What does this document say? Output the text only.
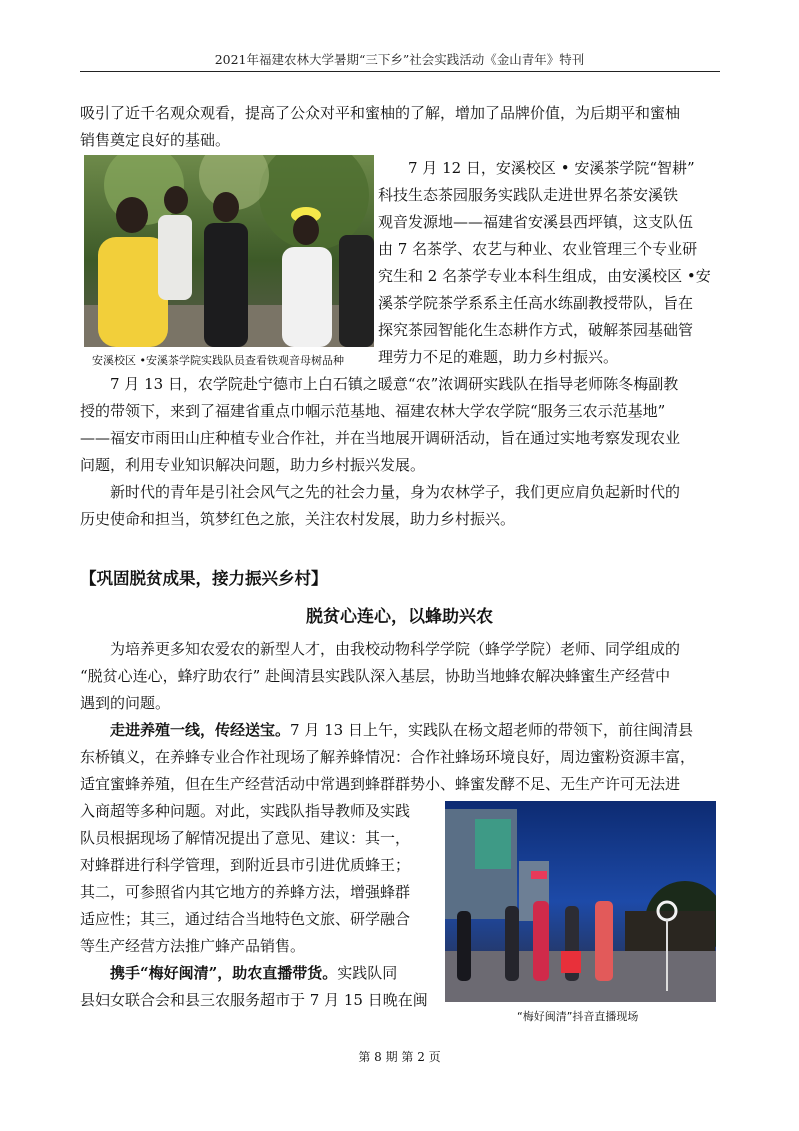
2021年福建农林大学暑期“三下乡”社会实践活动《金山青年》特刊
吸引了近千名观众观看，提高了公众对平和蜜柚的了解，增加了品牌价值，为后期平和蜜柚
销售奠定良好的基础。
7 月 12 日，安溪校区 • 安溪茶学院“智耕”
科技生态茶园服务实践队走进世界名茶安溪铁
观音发源地——福建省安溪县西坪镇，这支队伍
由 7 名茶学、农艺与种业、农业管理三个专业研
究生和 2 名茶学专业本科生组成，由安溪校区 •安
溪茶学院茶学系系主任高水练副教授带队，旨在
探究茶园智能化生态耕作方式，破解茶园基础管
理劳力不足的难题，助力乡村振兴。
安溪校区 •安溪茶学院实践队员查看铁观音母树品种
7 月 13 日，农学院赴宁德市上白石镇之暖意“农”浓调研实践队在指导老师陈冬梅副教
授的带领下，来到了福建省重点巾帼示范基地、福建农林大学农学院“服务三农示范基地”
——福安市雨田山庄种植专业合作社，并在当地展开调研活动，旨在通过实地考察发现农业
问题，利用专业知识解决问题，助力乡村振兴发展。
新时代的青年是引社会风气之先的社会力量，身为农林学子，我们更应肩负起新时代的
历史使命和担当，筑梦红色之旅，关注农村发展，助力乡村振兴。
【巩固脱贫成果，接力振兴乡村】
脱贫心连心，以蜂助兴农
为培养更多知农爱农的新型人才，由我校动物科学学院（蜂学学院）老师、同学组成的
“脱贫心连心，蜂疗助农行” 赴闽清县实践队深入基层，协助当地蜂农解决蜂蜜生产经营中
遇到的问题。
走进养殖一线，传经送宝。7 月 13 日上午，实践队在杨文超老师的带领下，前往闽清县
东桥镇义，在养蜂专业合作社现场了解养蜂情况：合作社蜂场环境良好，周边蜜粉资源丰富，
适宜蜜蜂养殖，但在生产经营活动中常遇到蜂群群势小、蜂蜜发酵不足、无生产许可无法进
入商超等多种问题。对此，实践队指导教师及实践
队员根据现场了解情况提出了意见、建议：其一，
对蜂群进行科学管理，到附近县市引进优质蜂王；
其二，可参照省内其它地方的养蜂方法，增强蜂群
适应性；其三，通过结合当地特色文旅、研学融合
等生产经营方法推广蜂产品销售。
携手“梅好闽清”，助农直播带货。实践队同
县妇女联合会和县三农服务超市于 7 月 15 日晚在闽
“梅好闽清”抖音直播现场
第 8 期 第 2 页
